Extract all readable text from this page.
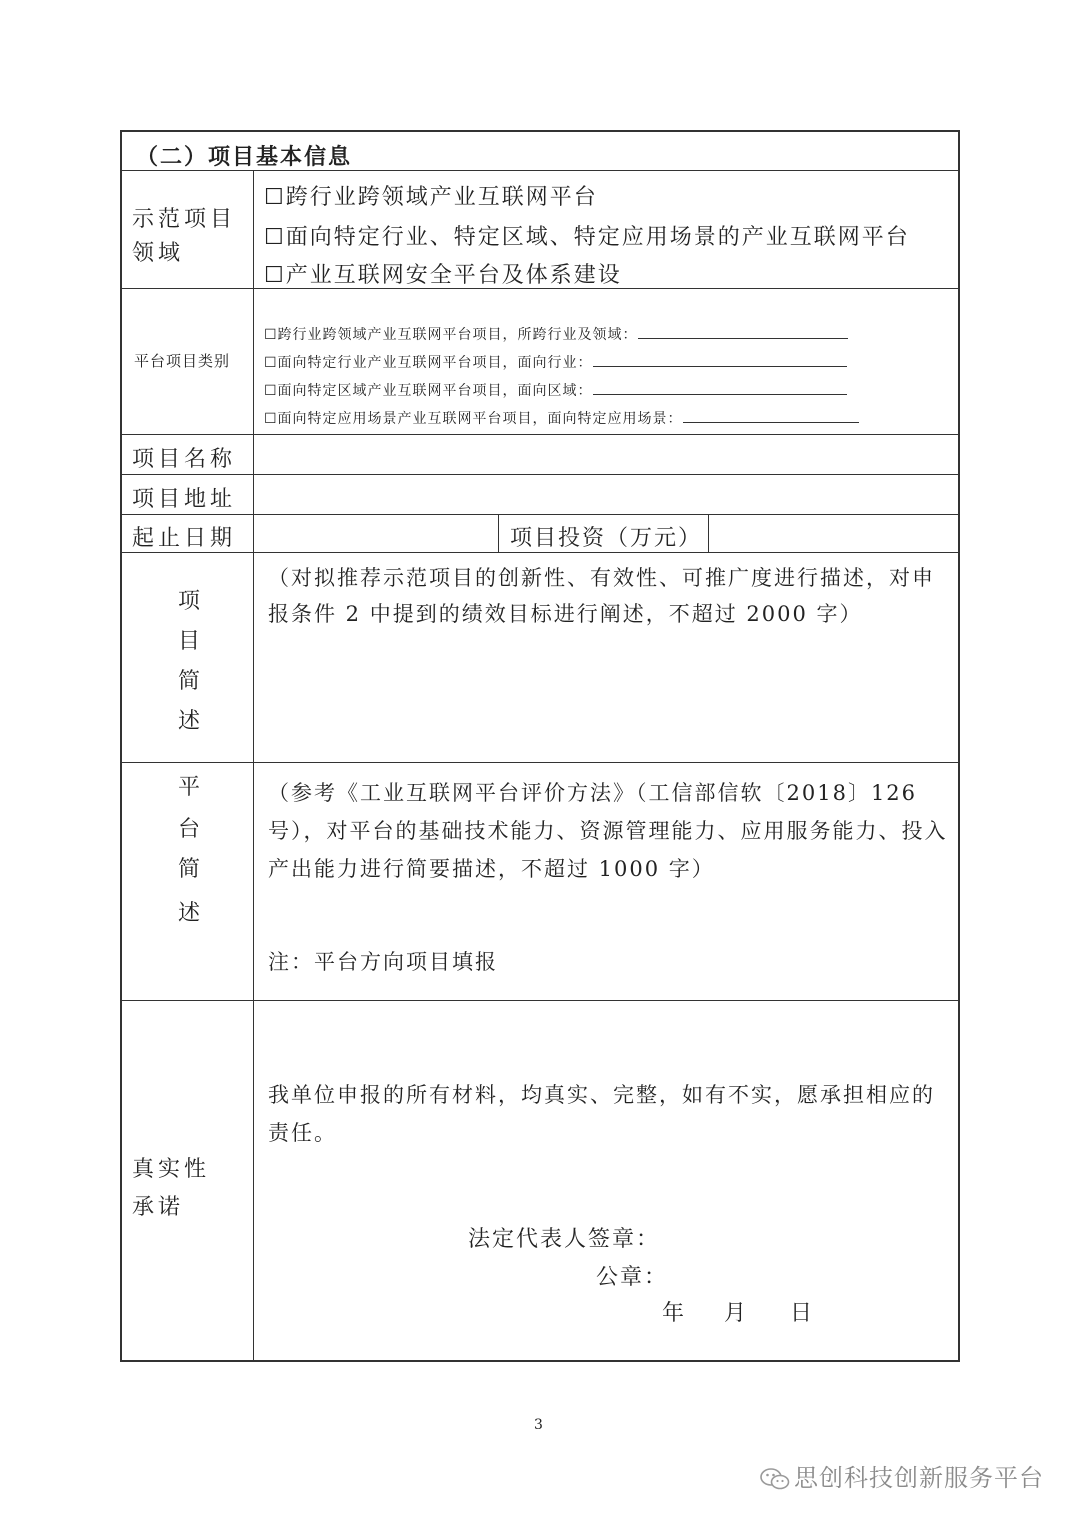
（二）项目基本信息
示范项目
领域
☐跨行业跨领域产业互联网平台
☐面向特定行业、特定区域、特定应用场景的产业互联网平台
☐产业互联网安全平台及体系建设
平台项目类别
☐跨行业跨领域产业互联网平台项目，所跨行业及领域：
☐面向特定行业产业互联网平台项目，面向行业：
☐面向特定区域产业互联网平台项目，面向区域：
☐面向特定应用场景产业互联网平台项目，面向特定应用场景：
项目名称
项目地址
起止日期	项目投资（万元）
项
目
简
述
（对拟推荐示范项目的创新性、有效性、可推广度进行描述，对申报条件 2 中提到的绩效目标进行阐述，不超过 2000 字）
平
台
简
述
（参考《工业互联网平台评价方法》（工信部信软〔2018〕126 号），对平台的基础技术能力、资源管理能力、应用服务能力、投入产出能力进行简要描述，不超过 1000 字）
注：平台方向项目填报
真实性
承诺
我单位申报的所有材料，均真实、完整，如有不实，愿承担相应的责任。
法定代表人签章：
公章：
年 月 日
3
思创科技创新服务平台
